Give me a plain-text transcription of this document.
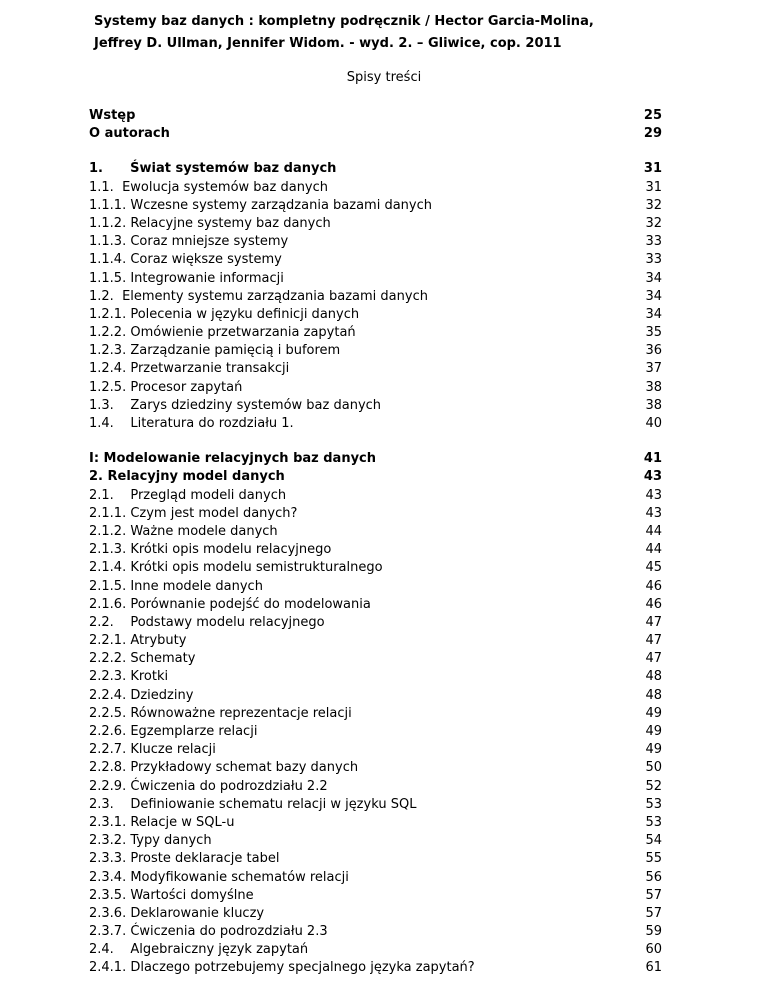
Systemy baz danych : kompletny podręcznik / Hector Garcia-Molina,
Jeffrey D. Ullman, Jennifer Widom. - wyd. 2. – Gliwice, cop. 2011
Spisy treści
Wstęp	25
O autorach	29
1.      Świat systemów baz danych	31
1.1.  Ewolucja systemów baz danych	31
1.1.1. Wczesne systemy zarządzania bazami danych	32
1.1.2. Relacyjne systemy baz danych	32
1.1.3. Coraz mniejsze systemy	33
1.1.4. Coraz większe systemy	33
1.1.5. Integrowanie informacji	34
1.2.  Elementy systemu zarządzania bazami danych	34
1.2.1. Polecenia w języku definicji danych	34
1.2.2. Omówienie przetwarzania zapytań	35
1.2.3. Zarządzanie pamięcią i buforem	36
1.2.4. Przetwarzanie transakcji	37
1.2.5. Procesor zapytań	38
1.3.    Zarys dziedziny systemów baz danych	38
1.4.    Literatura do rozdziału 1.	40
I: Modelowanie relacyjnych baz danych	41
2. Relacyjny model danych	43
2.1.    Przegląd modeli danych	43
2.1.1. Czym jest model danych?	43
2.1.2. Ważne modele danych	44
2.1.3. Krótki opis modelu relacyjnego	44
2.1.4. Krótki opis modelu semistrukturalnego	45
2.1.5. Inne modele danych	46
2.1.6. Porównanie podejść do modelowania	46
2.2.    Podstawy modelu relacyjnego	47
2.2.1. Atrybuty	47
2.2.2. Schematy	47
2.2.3. Krotki	48
2.2.4. Dziedziny	48
2.2.5. Równoważne reprezentacje relacji	49
2.2.6. Egzemplarze relacji	49
2.2.7. Klucze relacji	49
2.2.8. Przykładowy schemat bazy danych	50
2.2.9. Ćwiczenia do podrozdziału 2.2	52
2.3.    Definiowanie schematu relacji w języku SQL	53
2.3.1. Relacje w SQL-u	53
2.3.2. Typy danych	54
2.3.3. Proste deklaracje tabel	55
2.3.4. Modyfikowanie schematów relacji	56
2.3.5. Wartości domyślne	57
2.3.6. Deklarowanie kluczy	57
2.3.7. Ćwiczenia do podrozdziału 2.3	59
2.4.    Algebraiczny język zapytań	60
2.4.1. Dlaczego potrzebujemy specjalnego języka zapytań?	61
